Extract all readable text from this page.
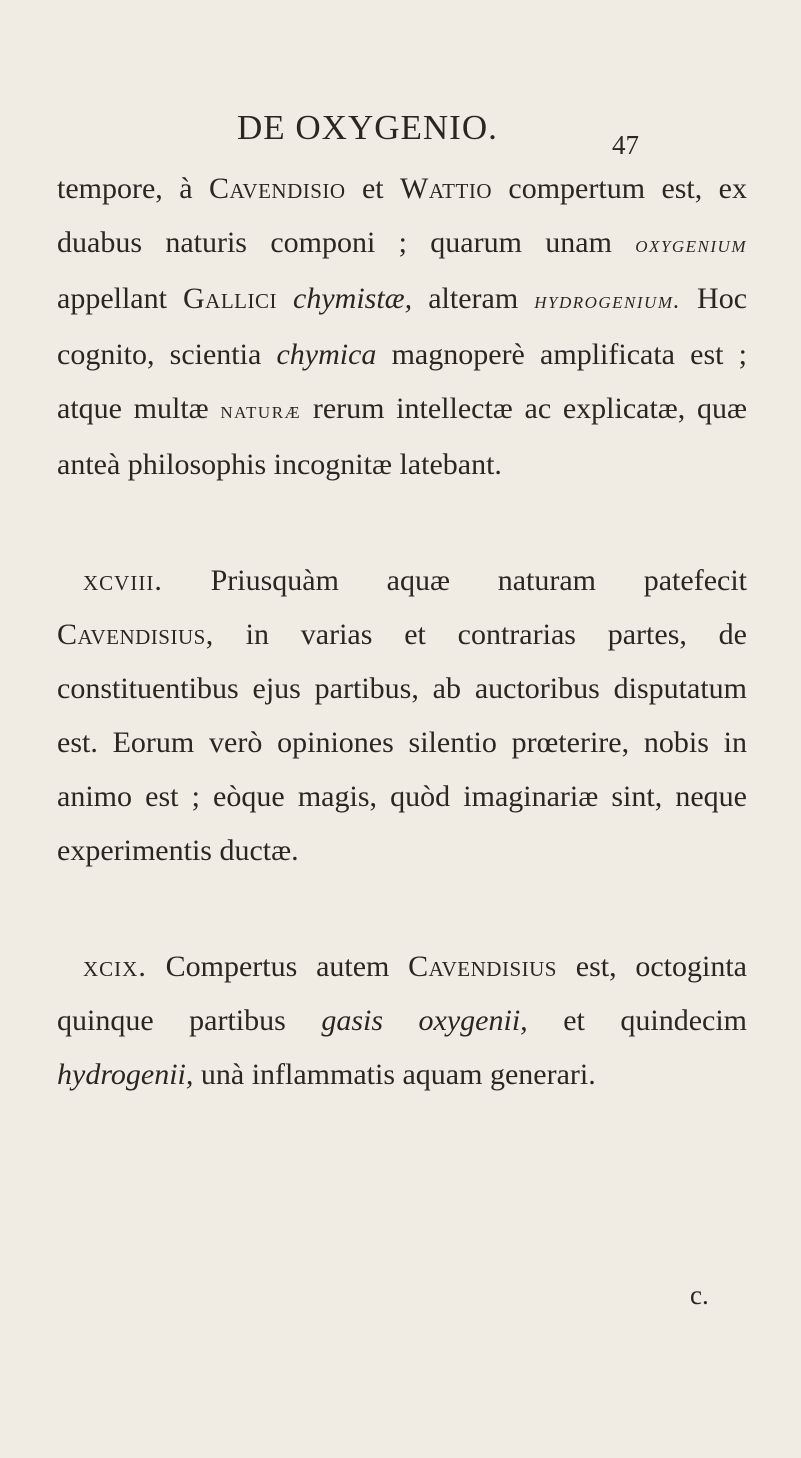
DE OXYGENIO.	47

tempore, à Cavendisio et Wattio compertum est, ex duabus naturis componi ; quarum unam oxygenium appellant Gallici chymistæ, alteram hydrogenium. Hoc cognito, scientia chymica magnoperè amplificata est ; atque multæ naturæ rerum intellectæ ac explicatæ, quæ anteà philosophis incognitæ latebant.

xcviii. Priusquàm aquæ naturam patefecit Cavendisius, in varias et contrarias partes, de constituentibus ejus partibus, ab auctoribus disputatum est. Eorum verò opiniones silentio prœterire, nobis in animo est ; eòque magis, quòd imaginariæ sint, neque experimentis ductæ.

xcix. Compertus autem Cavendisius est, octoginta quinque partibus gasis oxygenii, et quindecim hydrogenii, unà inflammatis aquam generari.

c.
